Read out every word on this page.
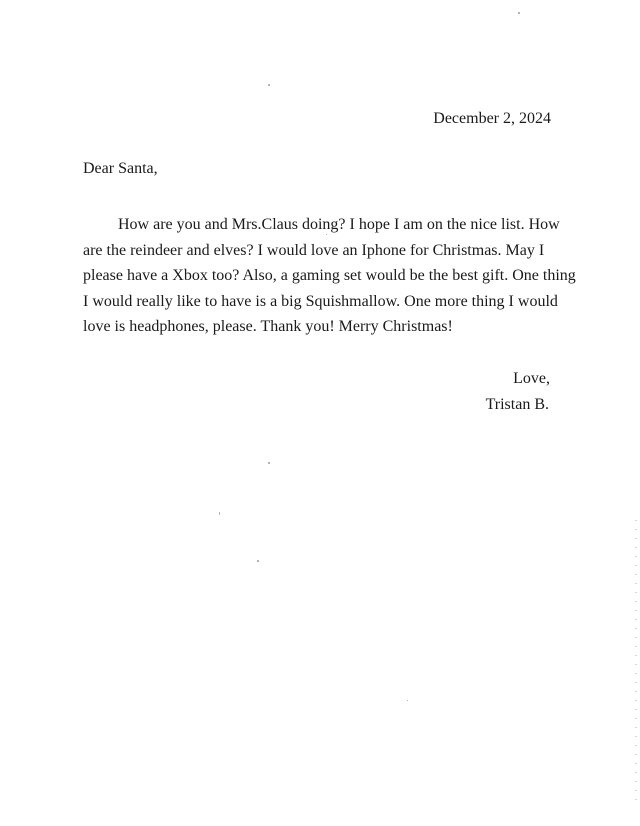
December 2, 2024
Dear Santa,
How are you and Mrs.Claus doing? I hope I am on the nice list. How
are the reindeer and elves? I would love an Iphone for Christmas. May I
please have a Xbox too? Also, a gaming set would be the best gift. One thing
I would really like to have is a big Squishmallow. One more thing I would
love is headphones, please. Thank you! Merry Christmas!
Love,
Tristan B.
